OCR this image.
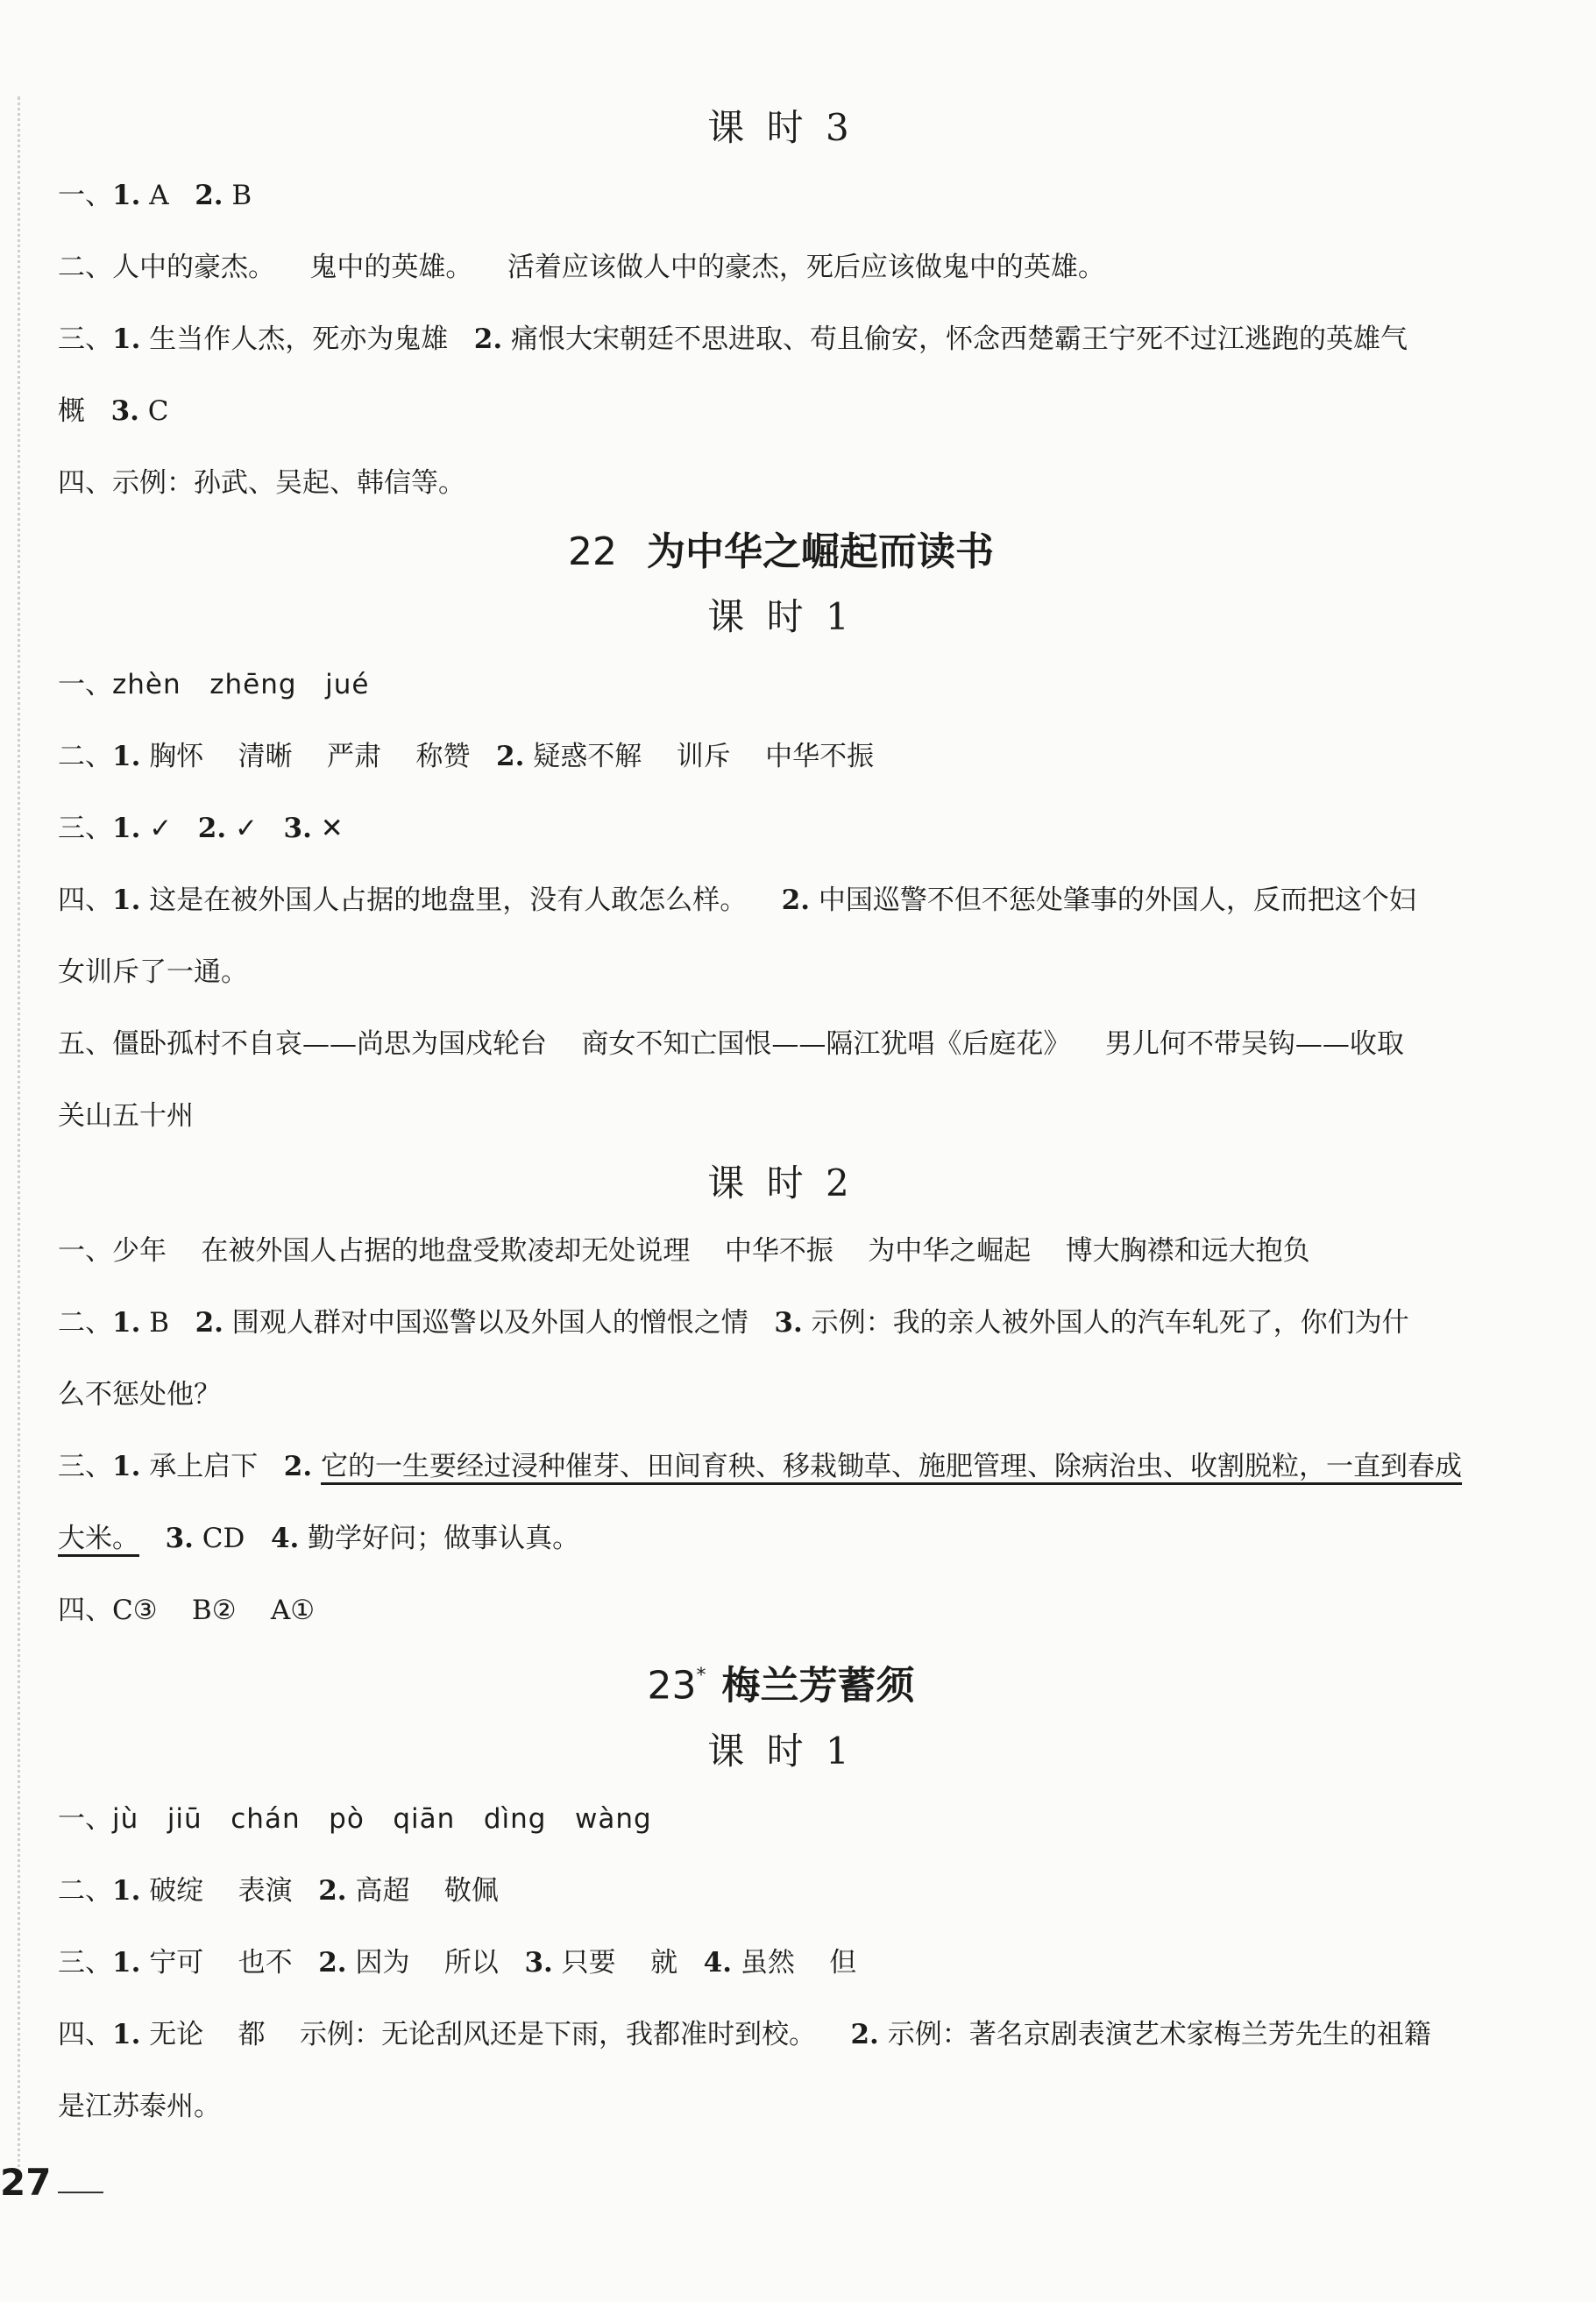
课 时 3
一、1. A   2. B
二、人中的豪杰。    鬼中的英雄。    活着应该做人中的豪杰，死后应该做鬼中的英雄。
三、1. 生当作人杰，死亦为鬼雄   2. 痛恨大宋朝廷不思进取、苟且偷安，怀念西楚霸王宁死不过江逃跑的英雄气
概   3. C
四、示例：孙武、吴起、韩信等。
22 为中华之崛起而读书
课 时 1
一、zhèn   zhēng   jué
二、1. 胸怀    清晰    严肃    称赞   2. 疑惑不解    训斥    中华不振
三、1. ✓   2. ✓   3. ✕
四、1. 这是在被外国人占据的地盘里，没有人敢怎么样。    2. 中国巡警不但不惩处肇事的外国人，反而把这个妇
女训斥了一通。
五、僵卧孤村不自哀——尚思为国戍轮台    商女不知亡国恨——隔江犹唱《后庭花》    男儿何不带吴钩——收取
关山五十州
课 时 2
一、少年    在被外国人占据的地盘受欺凌却无处说理    中华不振    为中华之崛起    博大胸襟和远大抱负
二、1. B   2. 围观人群对中国巡警以及外国人的憎恨之情   3. 示例：我的亲人被外国人的汽车轧死了，你们为什
么不惩处他？
三、1. 承上启下   2. 它的一生要经过浸种催芽、田间育秧、移栽锄草、施肥管理、除病治虫、收割脱粒，一直到春成
大米。 3. CD   4. 勤学好问；做事认真。
四、C③    B②    A①
23* 梅兰芳蓄须
课 时 1
一、jù   jiū   chán   pò   qiān   dìng   wàng
二、1. 破绽    表演   2. 高超    敬佩
三、1. 宁可    也不   2. 因为    所以   3. 只要    就   4. 虽然    但
四、1. 无论    都    示例：无论刮风还是下雨，我都准时到校。    2. 示例：著名京剧表演艺术家梅兰芳先生的祖籍
是江苏泰州。
27
